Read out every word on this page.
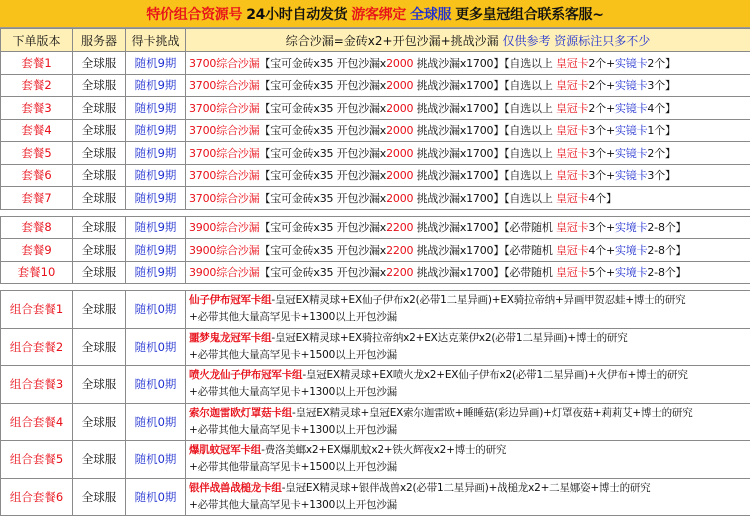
特价组合资源号 24小时自动发货 游客绑定 全球服 更多皇冠组合联系客服~
下单版本	服务器	得卡挑战	综合沙漏=金砖x2+开包沙漏+挑战沙漏 仅供参考 资源标注只多不少
套餐1	全球服	随机9期	3700综合沙漏【宝可金砖x35 开包沙漏x2000 挑战沙漏x1700】【自选以上 皇冠卡2个+实镜卡2个】
套餐2	全球服	随机9期	3700综合沙漏【宝可金砖x35 开包沙漏x2000 挑战沙漏x1700】【自选以上 皇冠卡2个+实镜卡3个】
套餐3	全球服	随机9期	3700综合沙漏【宝可金砖x35 开包沙漏x2000 挑战沙漏x1700】【自选以上 皇冠卡2个+实镜卡4个】
套餐4	全球服	随机9期	3700综合沙漏【宝可金砖x35 开包沙漏x2000 挑战沙漏x1700】【自选以上 皇冠卡3个+实镜卡1个】
套餐5	全球服	随机9期	3700综合沙漏【宝可金砖x35 开包沙漏x2000 挑战沙漏x1700】【自选以上 皇冠卡3个+实镜卡2个】
套餐6	全球服	随机9期	3700综合沙漏【宝可金砖x35 开包沙漏x2000 挑战沙漏x1700】【自选以上 皇冠卡3个+实镜卡3个】
套餐7	全球服	随机9期	3700综合沙漏【宝可金砖x35 开包沙漏x2000 挑战沙漏x1700】【自选以上 皇冠卡4个】

套餐8	全球服	随机9期	3900综合沙漏【宝可金砖x35 开包沙漏x2200 挑战沙漏x1700】【必带随机 皇冠卡3个+实境卡2-8个】
套餐9	全球服	随机9期	3900综合沙漏【宝可金砖x35 开包沙漏x2200 挑战沙漏x1700】【必带随机 皇冠卡4个+实境卡2-8个】
套餐10	全球服	随机9期	3900综合沙漏【宝可金砖x35 开包沙漏x2200 挑战沙漏x1700】【必带随机 皇冠卡5个+实境卡2-8个】

组合套餐1	全球服	随机0期	仙子伊布冠军卡组-皇冠EX精灵球+EX仙子伊布x2(必带1二星异画)+EX骑拉帝纳+异画甲贺忍蛙+博士的研究
+必带其他大量高罕见卡+1300以上开包沙漏
组合套餐2	全球服	随机0期	噩梦鬼龙冠军卡组-皇冠EX精灵球+EX骑拉帝纳x2+EX达克莱伊x2(必带1二星异画)+博士的研究
+必带其他大量高罕见卡+1500以上开包沙漏
组合套餐3	全球服	随机0期	喷火龙仙子伊布冠军卡组-皇冠EX精灵球+EX喷火龙x2+EX仙子伊布x2(必带1二星异画)+火伊布+博士的研究
+必带其他大量高罕见卡+1300以上开包沙漏
组合套餐4	全球服	随机0期	索尔迦雷欧灯罩菇卡组-皇冠EX精灵球+皇冠EX索尔迦雷欧+睡睡菇(彩边异画)+灯罩夜菇+莉莉艾+博士的研究
+必带其他大量高罕见卡+1300以上开包沙漏
组合套餐5	全球服	随机0期	爆肌蚊冠军卡组-费洛美螂x2+EX爆肌蚊x2+铁火辉夜x2+博士的研究
+必带其他带量高罕见卡+1500以上开包沙漏
组合套餐6	全球服	随机0期	银伴战兽战槌龙卡组-皇冠EX精灵球+银伴战兽x2(必带1二星异画)+战槌龙x2+二星娜姿+博士的研究
+必带其他大量高罕见卡+1300以上开包沙漏
